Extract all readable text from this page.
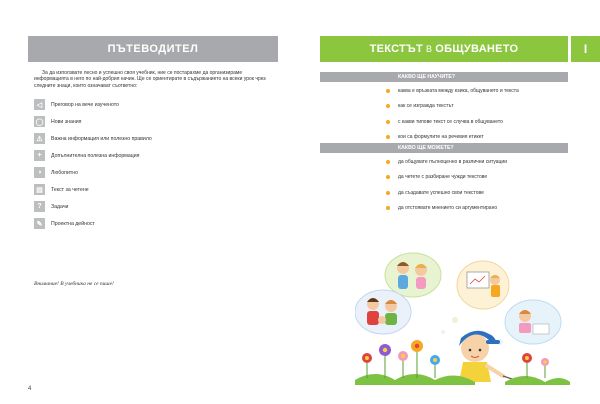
ПЪТЕВОДИТЕЛ

За да използвате лесно и успешно своя учебник, ние се постарахме да организираме информацията в него по най-добрия начин. Ще се ориентирате в съдържанието на всеки урок чрез следните знаци, които означават съответно:

◁	Преговор на вече изученото
◯	Нови знания
⚠	Важна информация или полезно правило
+	Допълнителна полезна информация
◑	Любопитно
▤	Текст за четене
?	Задачи
✎	Проектна дейност
Внимание! В учебника не се пише!
4
ТЕКСТЪТ В ОБЩУВАНЕТО	I
КАКВО ЩЕ НАУЧИТЕ?
каква е връзката между езика, общуването и текста
как се изгражда текстът
с какви типове текст се случва в общуването
кои са формулите на речевия етикет
КАКВО ЩЕ МОЖЕТЕ?
да общувате пълноценно в различни ситуации
да четете с разбиране чужди текстове
да създавате успешно свои текстове
да отстоявате мнението си аргументирано
